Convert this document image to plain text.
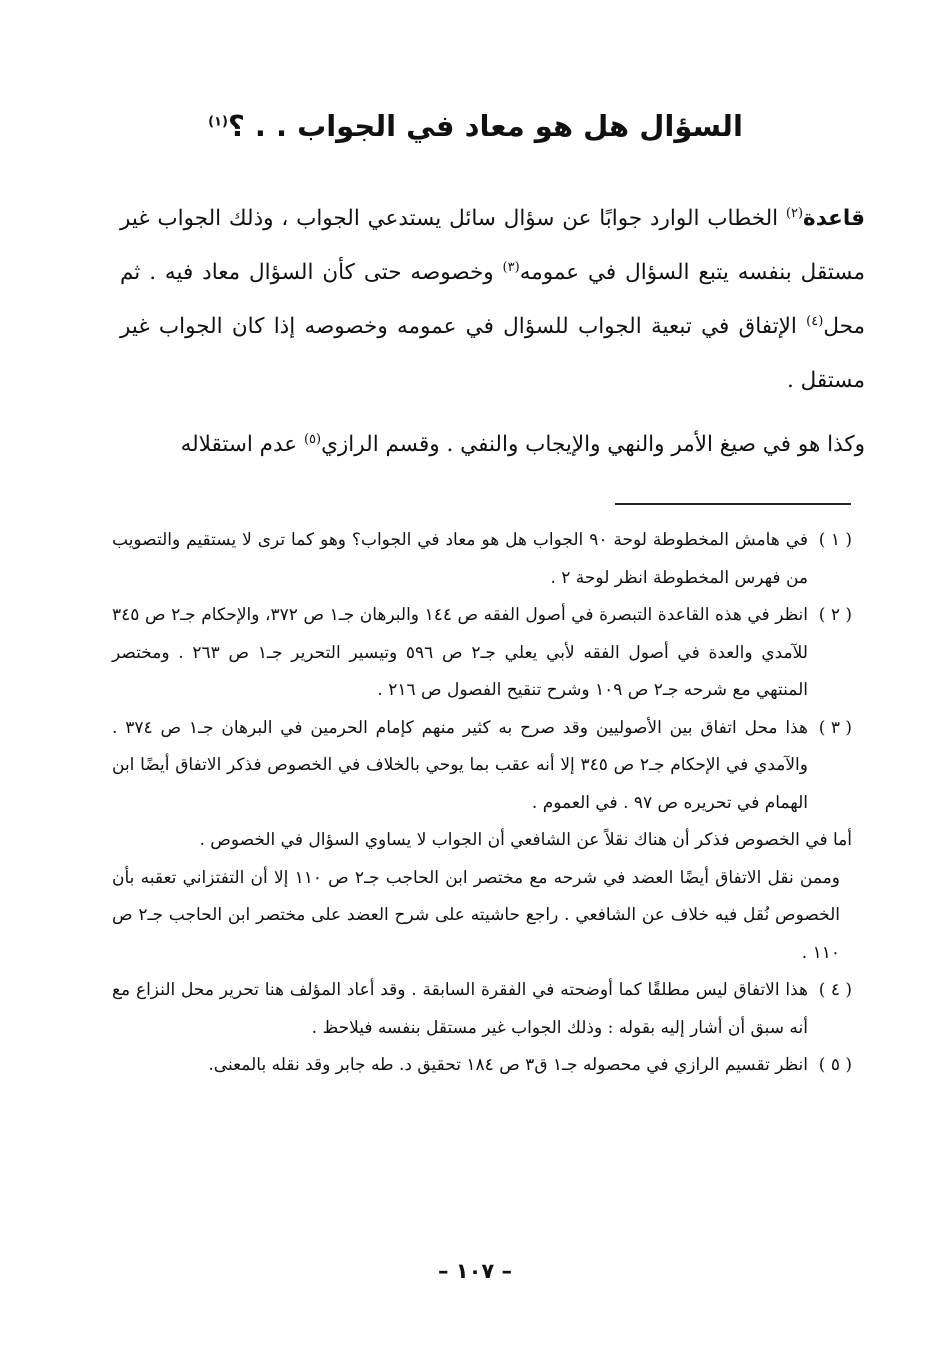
السؤال هل هو معاد في الجواب . . ؟$^{(١)}$

قاعدة$^{(٢)}$ الخطاب الوارد جوابًا عن سؤال سائل يستدعي الجواب ، وذلك الجواب غير مستقل بنفسه يتبع السؤال في عمومه$^{(٣)}$ وخصوصه حتى كأن السؤال معاد فيه . ثم محل$^{(٤)}$ الإتفاق في تبعية الجواب للسؤال في عمومه وخصوصه إذا كان الجواب غير مستقل .

وكذا هو في صيغ الأمر والنهي والإيجاب والنفي . وقسم الرازي$^{(٥)}$ عدم استقلاله

( ١ )
في هامش المخطوطة لوحة ٩٠ الجواب هل هو معاد في الجواب؟ وهو كما ترى لا يستقيم والتصويب من فهرس المخطوطة انظر لوحة ٢ .
( ٢ )
انظر في هذه القاعدة التبصرة في أصول الفقه ص ١٤٤ والبرهان جـ١ ص ٣٧٢، والإحكام جـ٢ ص ٣٤٥ للآمدي والعدة في أصول الفقه لأبي يعلي جـ٢ ص ٥٩٦ وتيسير التحرير جـ١ ص ٢٦٣ . ومختصر المنتهي مع شرحه جـ٢ ص ١٠٩ وشرح تنقيح الفصول ص ٢١٦ .
( ٣ )
هذا محل اتفاق بين الأصوليين وقد صرح به كثير منهم كإمام الحرمين في البرهان جـ١ ص ٣٧٤ . والآمدي في الإحكام جـ٢ ص ٣٤٥ إلا أنه عقب بما يوحي بالخلاف في الخصوص فذكر الاتفاق أيضًا ابن الهمام في تحريره ص ٩٧ . في العموم .
أما في الخصوص فذكر أن هناك نقلاً عن الشافعي أن الجواب لا يساوي السؤال في الخصوص .
وممن نقل الاتفاق أيضًا العضد في شرحه مع مختصر ابن الحاجب جـ٢ ص ١١٠ إلا أن التفتزاني تعقبه بأن الخصوص نُقل فيه خلاف عن الشافعي . راجع حاشيته على شرح العضد على مختصر ابن الحاجب جـ٢ ص ١١٠ .
( ٤ )
هذا الاتفاق ليس مطلقًا كما أوضحته في الفقرة السابقة . وقد أعاد المؤلف هنا تحرير محل النزاع مع أنه سبق أن أشار إليه بقوله : وذلك الجواب غير مستقل بنفسه فيلاحظ .
( ٥ )
انظر تقسيم الرازي في محصوله جـ١ ق٣ ص ١٨٤ تحقيق د. طه جابر وقد نقله بالمعنى.
– ١٠٧ –
